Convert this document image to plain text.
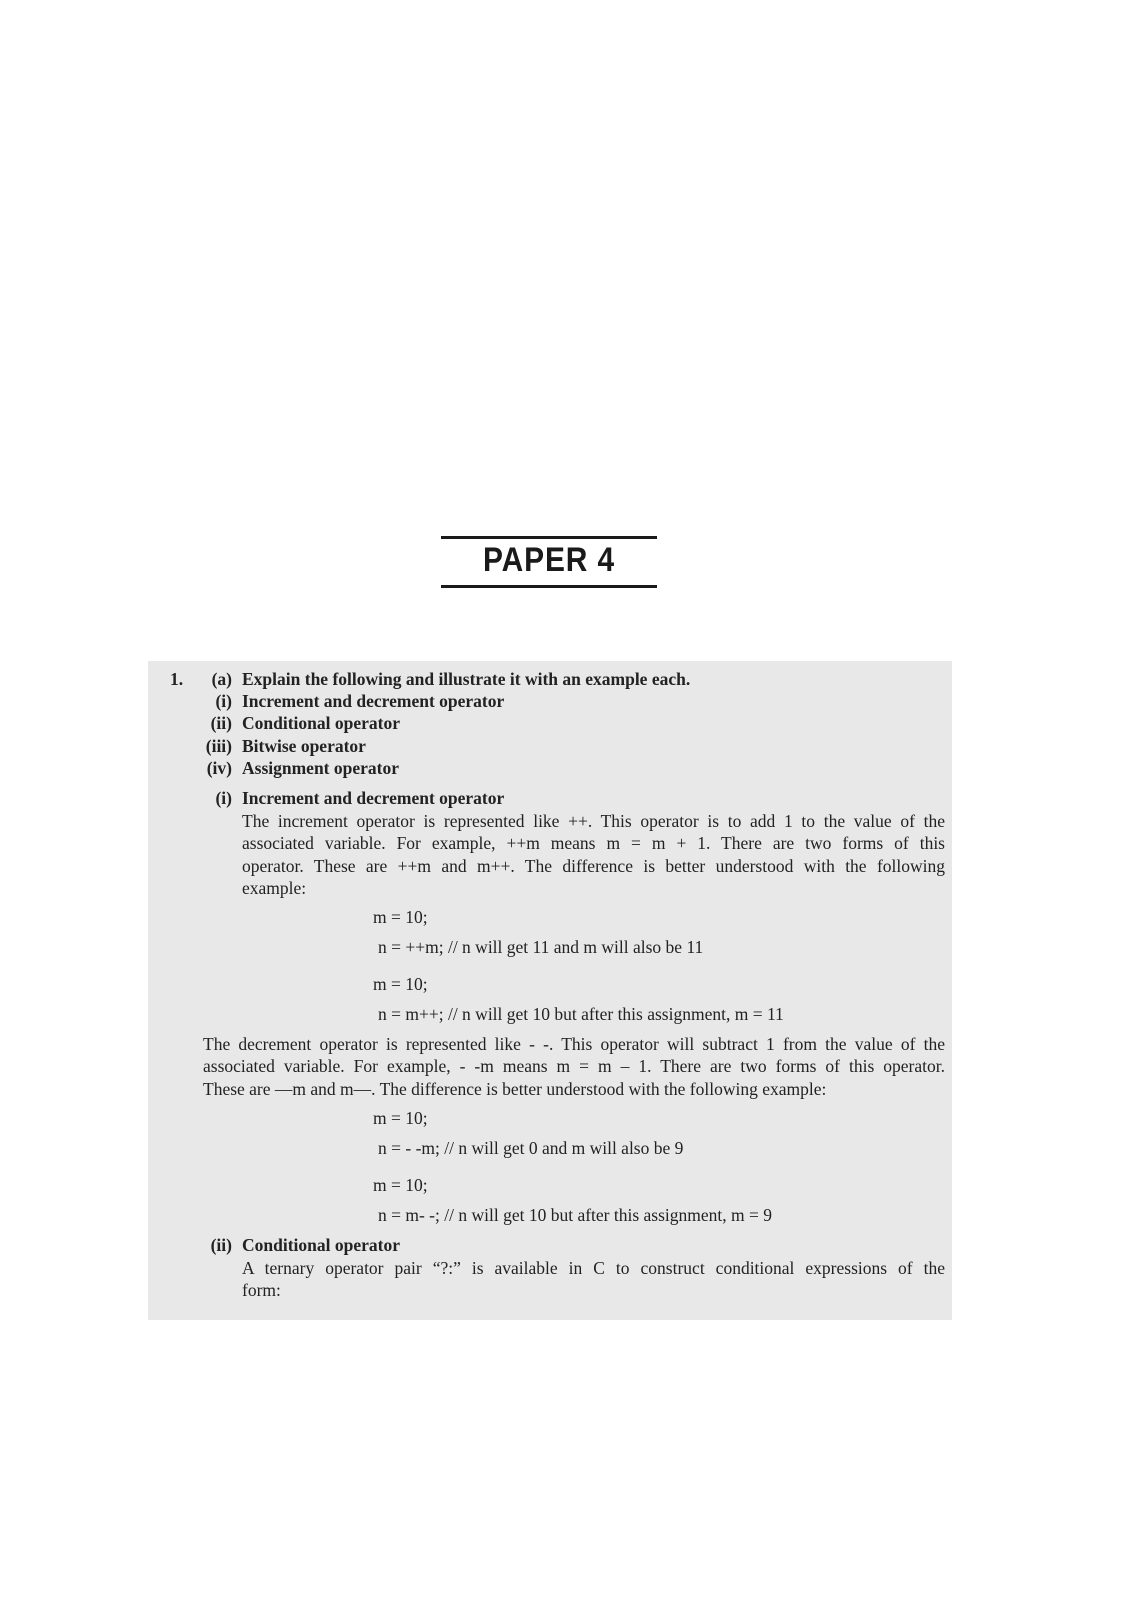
PAPER 4
1.	(a) Explain the following and illustrate it with an example each.
(i) Increment and decrement operator
(ii) Conditional operator
(iii) Bitwise operator
(iv) Assignment operator
(i) Increment and decrement operator
The increment operator is represented like ++. This operator is to add 1 to the value of the
associated variable. For example, ++m means m = m + 1. There are two forms of this
operator. These are ++m and m++. The difference is better understood with the following
example:
m = 10;
n = ++m; // n will get 11 and m will also be 11
m = 10;
n = m++; // n will get 10 but after this assignment, m = 11
The decrement operator is represented like - -. This operator will subtract 1 from the value of the
associated variable. For example, - -m means m = m – 1. There are two forms of this operator.
These are —m and m—. The difference is better understood with the following example:
m = 10;
n = - -m; // n will get 0 and m will also be 9
m = 10;
n = m- -; // n will get 10 but after this assignment, m = 9
(ii) Conditional operator
A ternary operator pair “?:” is available in C to construct conditional expressions of the
form:
